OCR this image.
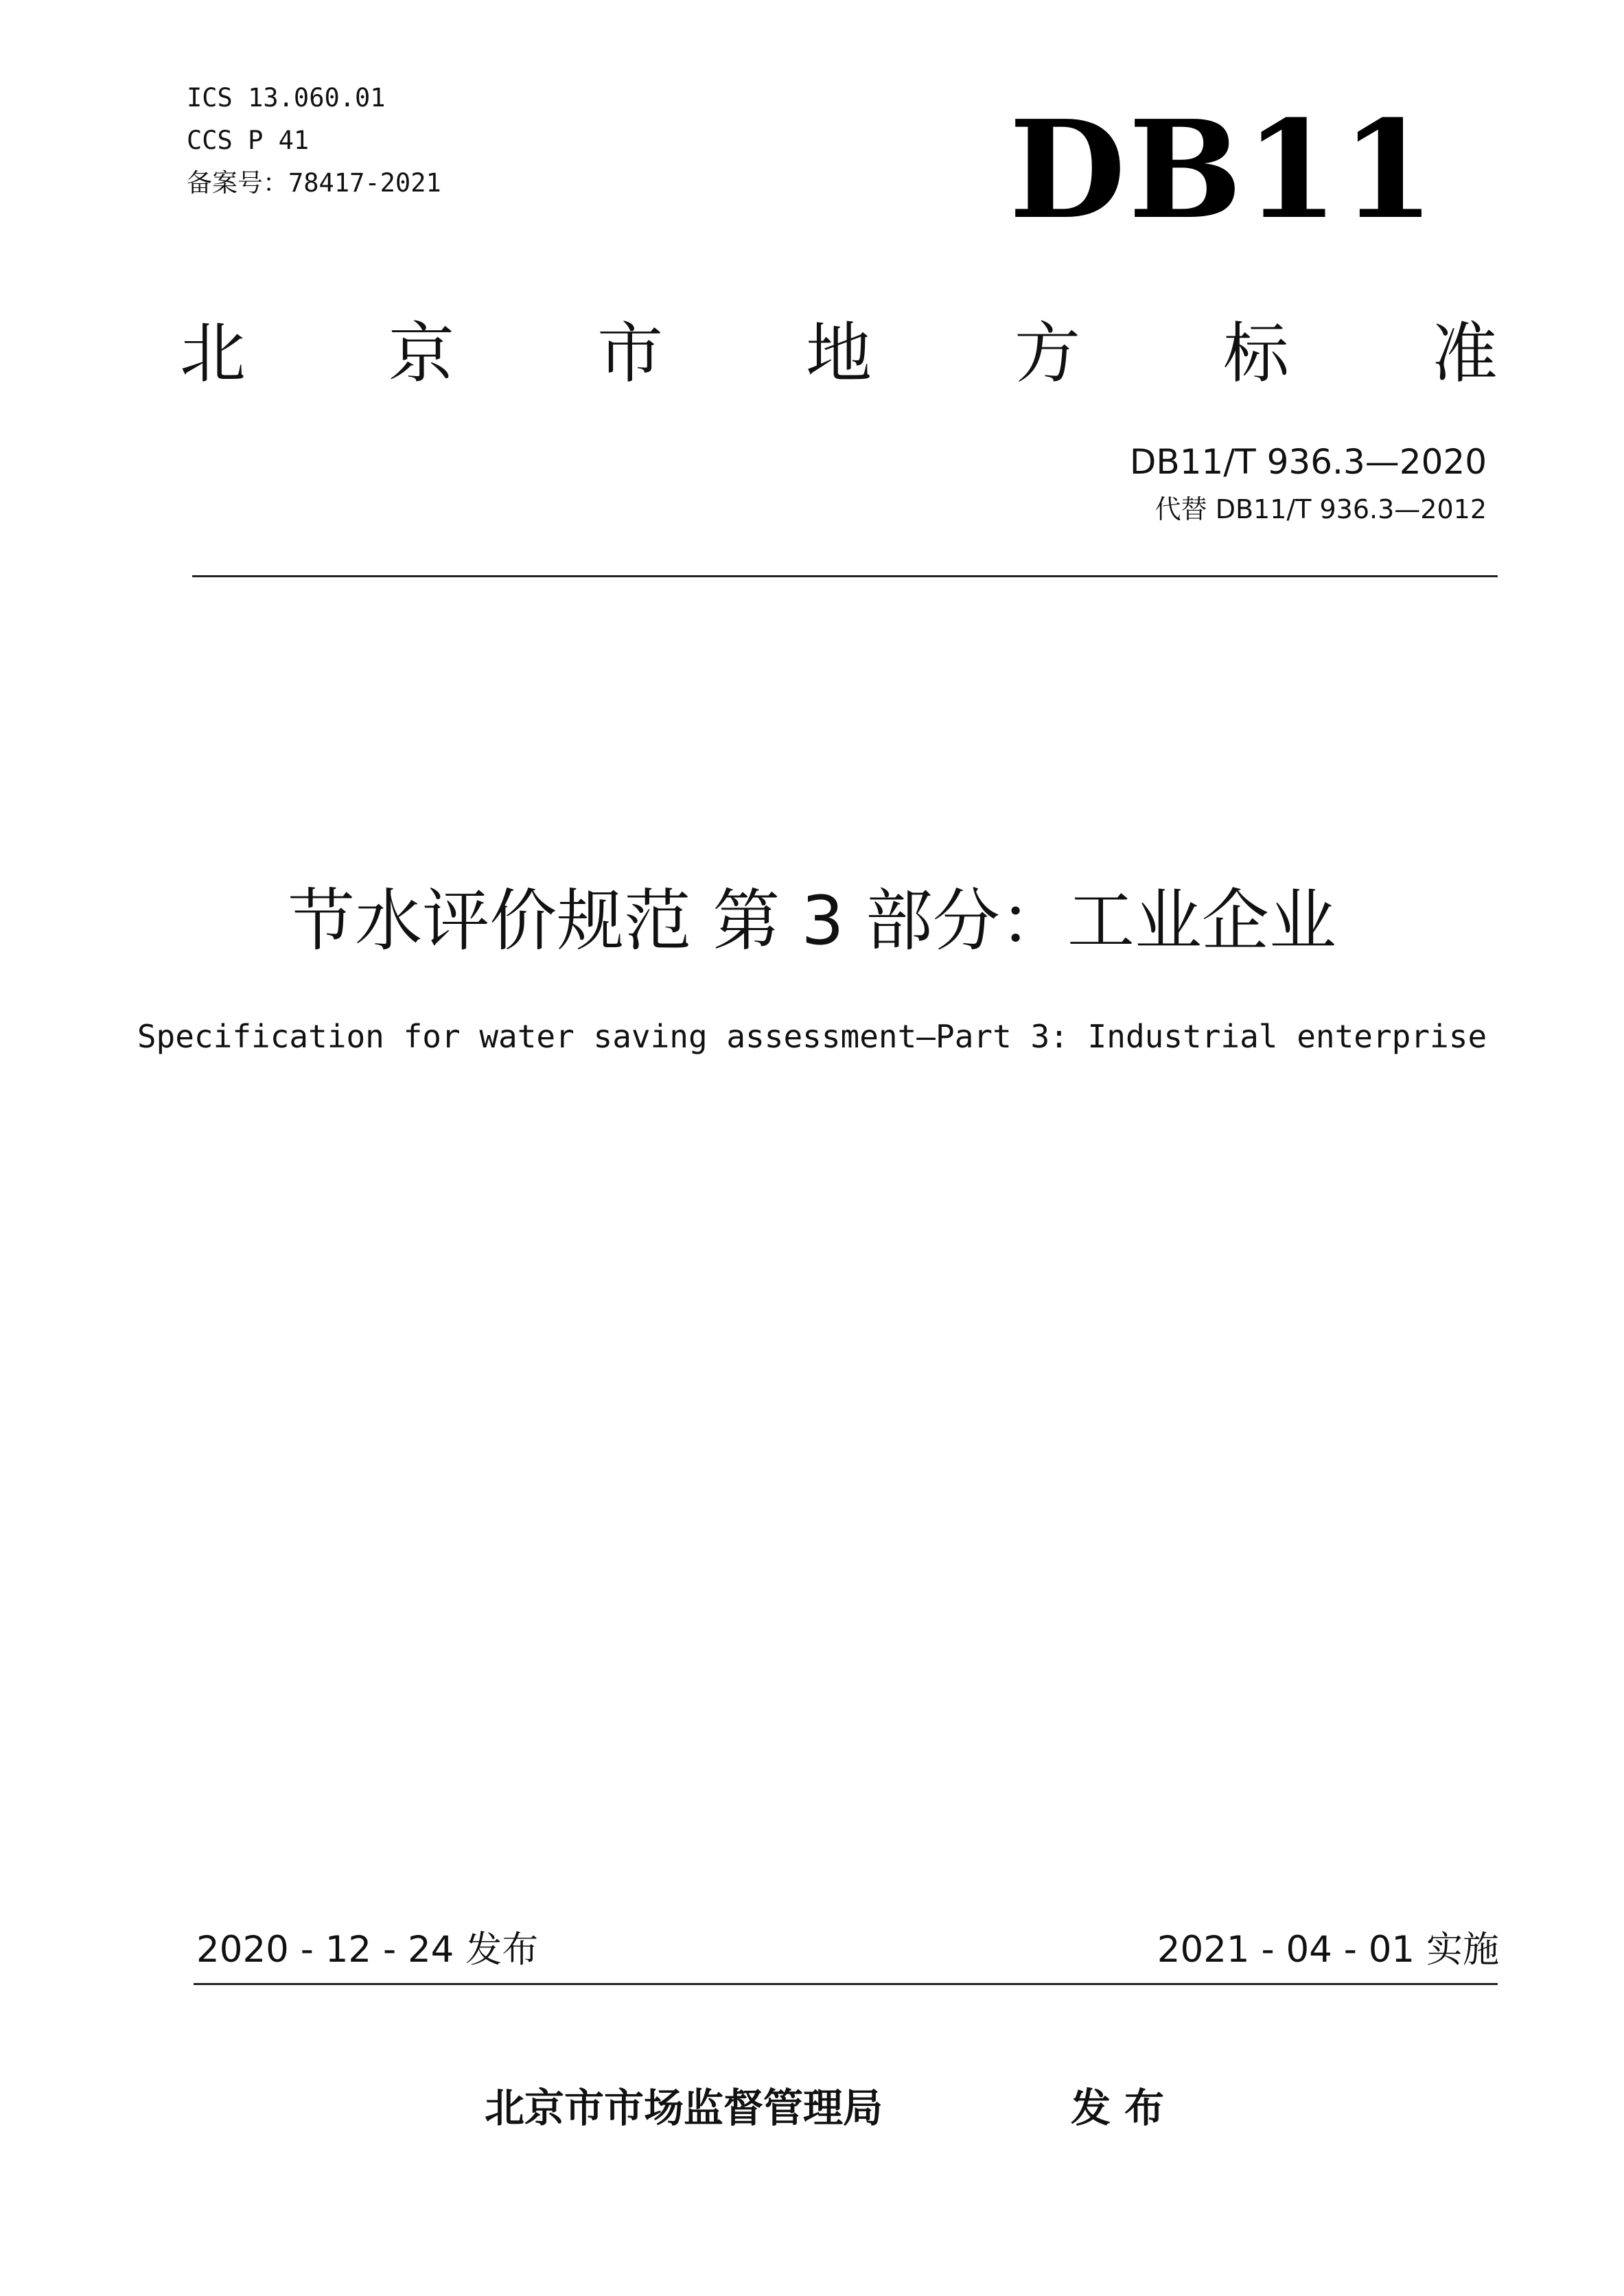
ICS 13.060.01
CCS P 41
备案号：78417-2021	DB11
北 京 市 地 方 标 准
DB11/T 936.3—2020
代替 DB11/T 936.3—2012
节水评价规范 第 3 部分：工业企业
Specification for water saving assessment—Part 3: Industrial enterprise
2020 - 12 - 24 发布	2021 - 04 - 01 实施
北京市市场监督管理局	发布
